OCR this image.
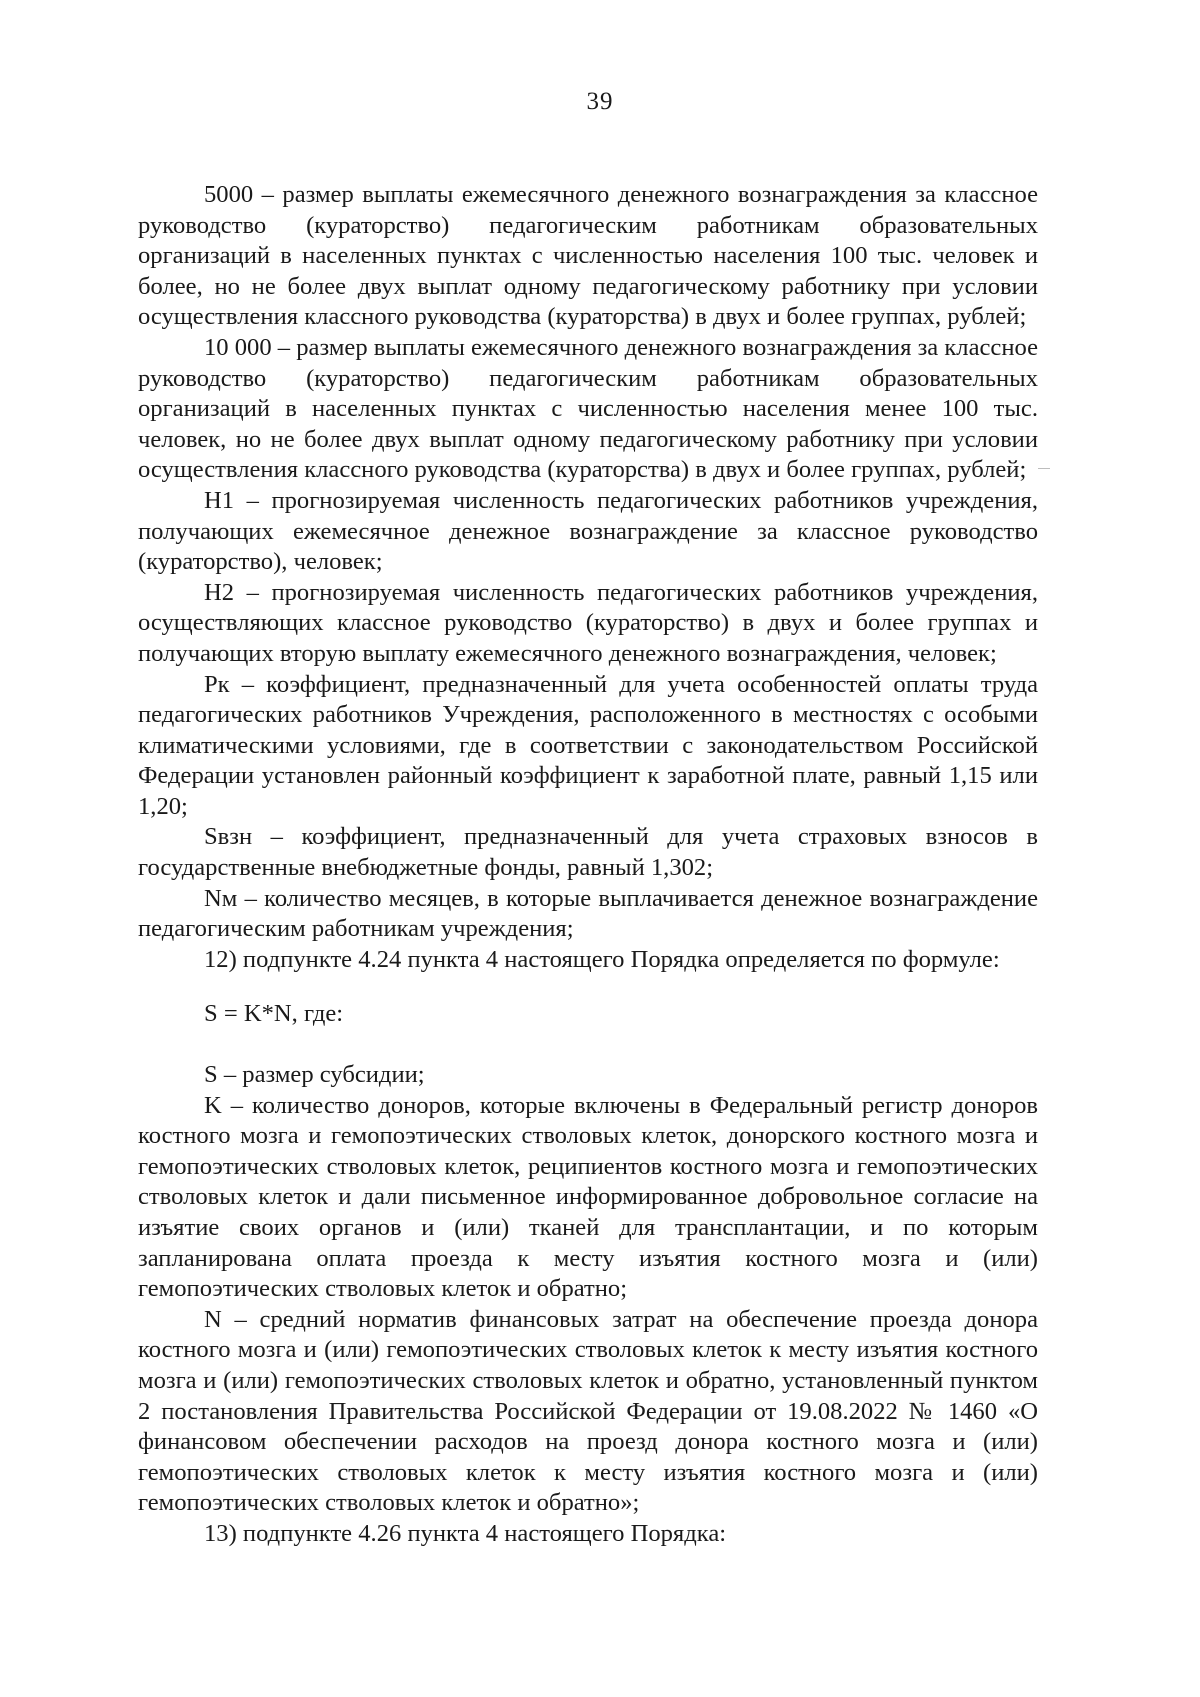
39

5000 – размер выплаты ежемесячного денежного вознаграждения за классное руководство (кураторство) педагогическим работникам образовательных организаций в населенных пунктах с численностью населения 100 тыс. человек и более, но не более двух выплат одному педагогическому работнику при условии осуществления классного руководства (кураторства) в двух и более группах, рублей;

10 000 – размер выплаты ежемесячного денежного вознаграждения за классное руководство (кураторство) педагогическим работникам образовательных организаций в населенных пунктах с численностью населения менее 100 тыс. человек, но не более двух выплат одному педагогическому работнику при условии осуществления классного руководства (кураторства) в двух и более группах, рублей;

Н1 – прогнозируемая численность педагогических работников учреждения, получающих ежемесячное денежное вознаграждение за классное руководство (кураторство), человек;

Н2 – прогнозируемая численность педагогических работников учреждения, осуществляющих классное руководство (кураторство) в двух и более группах и получающих вторую выплату ежемесячного денежного вознаграждения, человек;

Рк – коэффициент, предназначенный для учета особенностей оплаты труда педагогических работников Учреждения, расположенного в местностях с особыми климатическими условиями, где в соответствии с законодательством Российской Федерации установлен районный коэффициент к заработной плате, равный 1,15 или 1,20;

Sвзн – коэффициент, предназначенный для учета страховых взносов в государственные внебюджетные фонды, равный 1,302;

Nм – количество месяцев, в которые выплачивается денежное вознаграждение педагогическим работникам учреждения;

12) подпункте 4.24 пункта 4 настоящего Порядка определяется по формуле:

S = K*N, где:

S – размер субсидии;

K – количество доноров, которые включены в Федеральный регистр доноров костного мозга и гемопоэтических стволовых клеток, донорского костного мозга и гемопоэтических стволовых клеток, реципиентов костного мозга и гемопоэтических стволовых клеток и дали письменное информированное добровольное согласие на изъятие своих органов и (или) тканей для трансплантации, и по которым запланирована оплата проезда к месту изъятия костного мозга и (или) гемопоэтических стволовых клеток и обратно;

N – средний норматив финансовых затрат на обеспечение проезда донора костного мозга и (или) гемопоэтических стволовых клеток к месту изъятия костного мозга и (или) гемопоэтических стволовых клеток и обратно, установленный пунктом 2 постановления Правительства Российской Федерации от 19.08.2022 № 1460 «О финансовом обеспечении расходов на проезд донора костного мозга и (или) гемопоэтических стволовых клеток к месту изъятия костного мозга и (или) гемопоэтических стволовых клеток и обратно»;

13) подпункте 4.26 пункта 4 настоящего Порядка:
